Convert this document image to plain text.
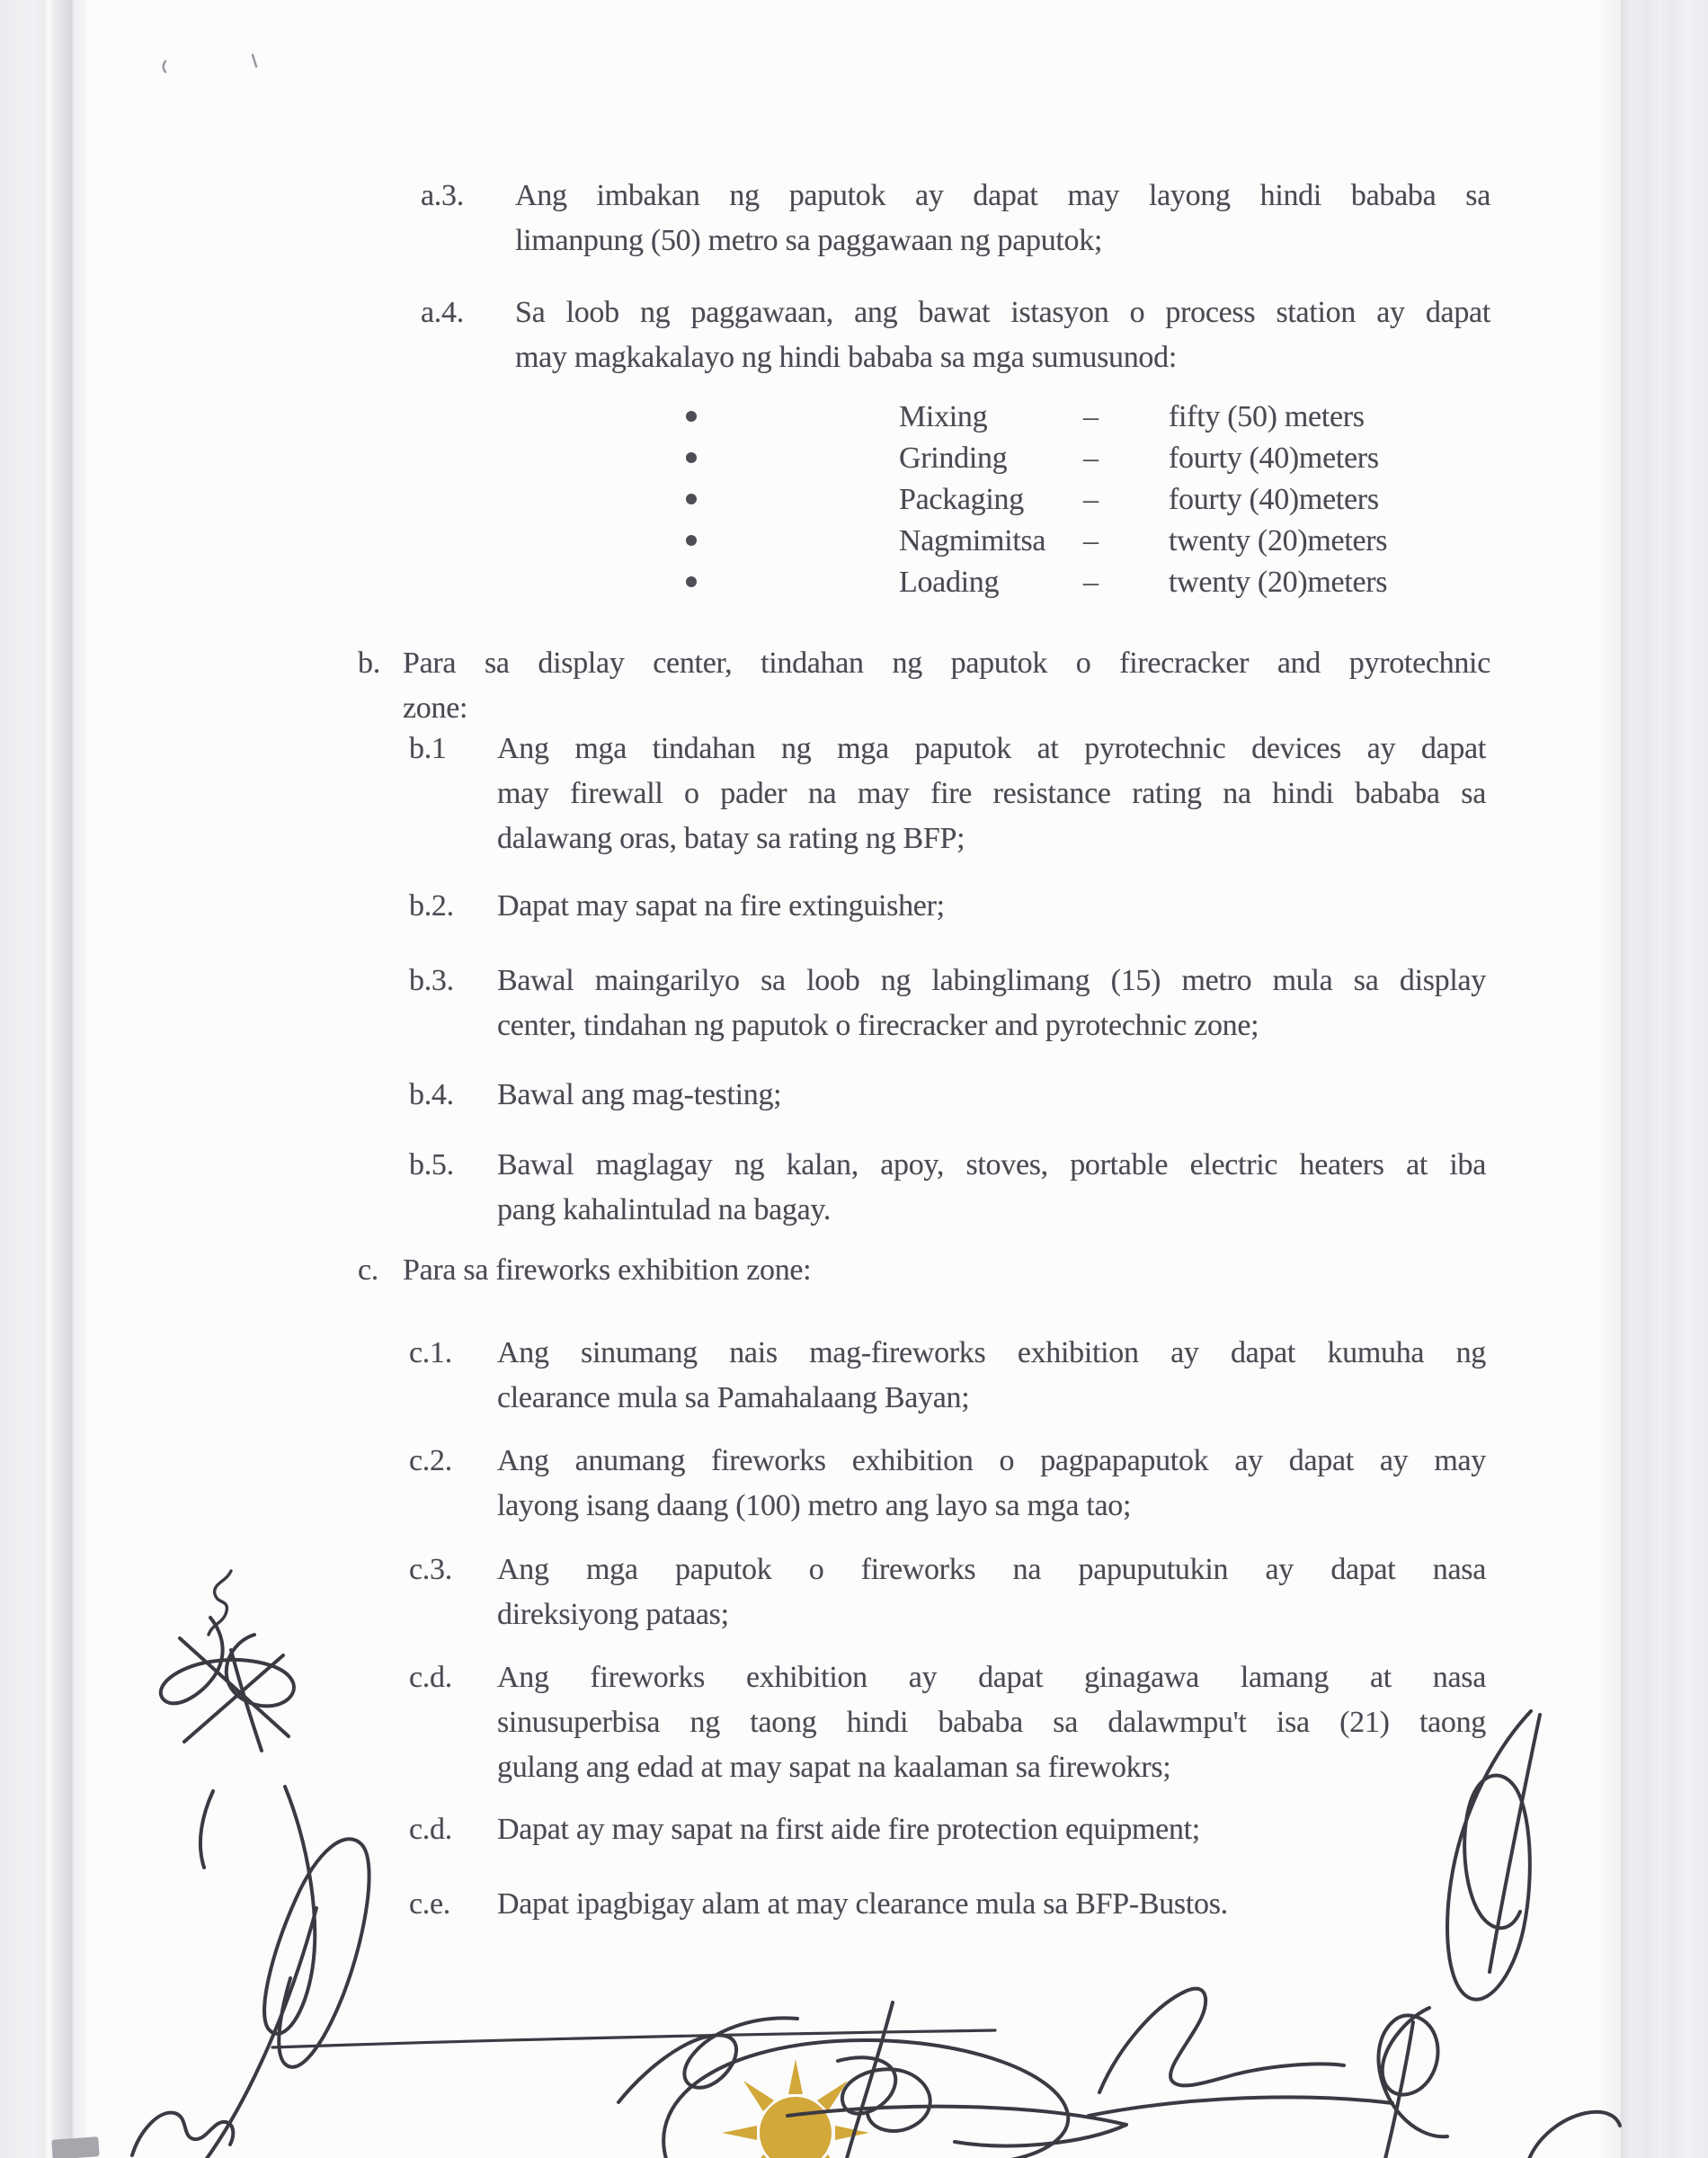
a.3. Ang imbakan ng paputok ay dapat may layong hindi bababa sa
limanpung (50) metro sa paggawaan ng paputok;
a.4. Sa loob ng paggawaan, ang bawat istasyon o process station ay dapat
may magkakalayo ng hindi bababa sa mga sumusunod:
Mixing	– fifty (50) meters
Grinding – fourty (40)meters
Packaging – fourty (40)meters
Nagmimitsa – twenty (20)meters
Loading	– twenty (20)meters
b. Para sa display center, tindahan ng paputok o firecracker and pyrotechnic
zone:
b.1 Ang mga tindahan ng mga paputok at pyrotechnic devices ay dapat
may firewall o pader na may fire resistance rating na hindi bababa sa
dalawang oras, batay sa rating ng BFP;
b.2. Dapat may sapat na fire extinguisher;
b.3. Bawal maingarilyo sa loob ng labinglimang (15) metro mula sa display
center, tindahan ng paputok o firecracker and pyrotechnic zone;
b.4. Bawal ang mag-testing;
b.5. Bawal maglagay ng kalan, apoy, stoves, portable electric heaters at iba
pang kahalintulad na bagay.
c. Para sa fireworks exhibition zone:
c.1. Ang sinumang nais mag-fireworks exhibition ay dapat kumuha ng
clearance mula sa Pamahalaang Bayan;
c.2. Ang anumang fireworks exhibition o pagpapaputok ay dapat ay may
layong isang daang (100) metro ang layo sa mga tao;
c.3. Ang mga paputok o fireworks na papuputukin ay dapat nasa
direksiyong pataas;
c.d. Ang fireworks exhibition ay dapat ginagawa lamang at nasa
sinusuperbisa ng taong hindi bababa sa dalawmpu't isa (21) taong
gulang ang edad at may sapat na kaalaman sa firewokrs;
c.d. Dapat ay may sapat na first aide fire protection equipment;
c.e. Dapat ipagbigay alam at may clearance mula sa BFP-Bustos.
